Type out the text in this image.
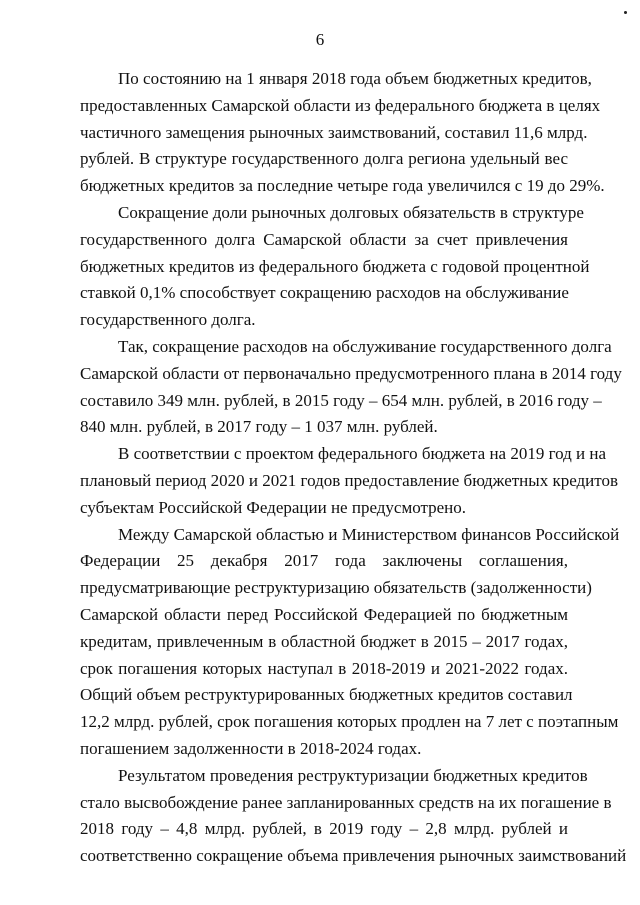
6
По состоянию на 1 января 2018 года объем бюджетных кредитов,
предоставленных Самарской области из федерального бюджета в целях
частичного замещения рыночных заимствований, составил 11,6 млрд.
рублей. В структуре государственного долга региона удельный вес
бюджетных кредитов за последние четыре года увеличился с 19 до 29%.
Сокращение доли рыночных долговых обязательств в структуре
государственного долга Самарской области за счет привлечения
бюджетных кредитов из федерального бюджета с годовой процентной
ставкой 0,1% способствует сокращению расходов на обслуживание
государственного долга.
Так, сокращение расходов на обслуживание государственного долга
Самарской области от первоначально предусмотренного плана в 2014 году
составило 349 млн. рублей, в 2015 году – 654 млн. рублей, в 2016 году –
840 млн. рублей, в 2017 году – 1 037 млн. рублей.
В соответствии с проектом федерального бюджета на 2019 год и на
плановый период 2020 и 2021 годов предоставление бюджетных кредитов
субъектам Российской Федерации не предусмотрено.
Между Самарской областью и Министерством финансов Российской
Федерации 25 декабря 2017 года заключены соглашения,
предусматривающие реструктуризацию обязательств (задолженности)
Самарской области перед Российской Федерацией по бюджетным
кредитам, привлеченным в областной бюджет в 2015 – 2017 годах,
срок погашения которых наступал в 2018-2019 и 2021-2022 годах.
Общий объем реструктурированных бюджетных кредитов составил
12,2 млрд. рублей, срок погашения которых продлен на 7 лет с поэтапным
погашением задолженности в 2018-2024 годах.
Результатом проведения реструктуризации бюджетных кредитов
стало высвобождение ранее запланированных средств на их погашение в
2018 году – 4,8 млрд. рублей, в 2019 году – 2,8 млрд. рублей и
соответственно сокращение объема привлечения рыночных заимствований
